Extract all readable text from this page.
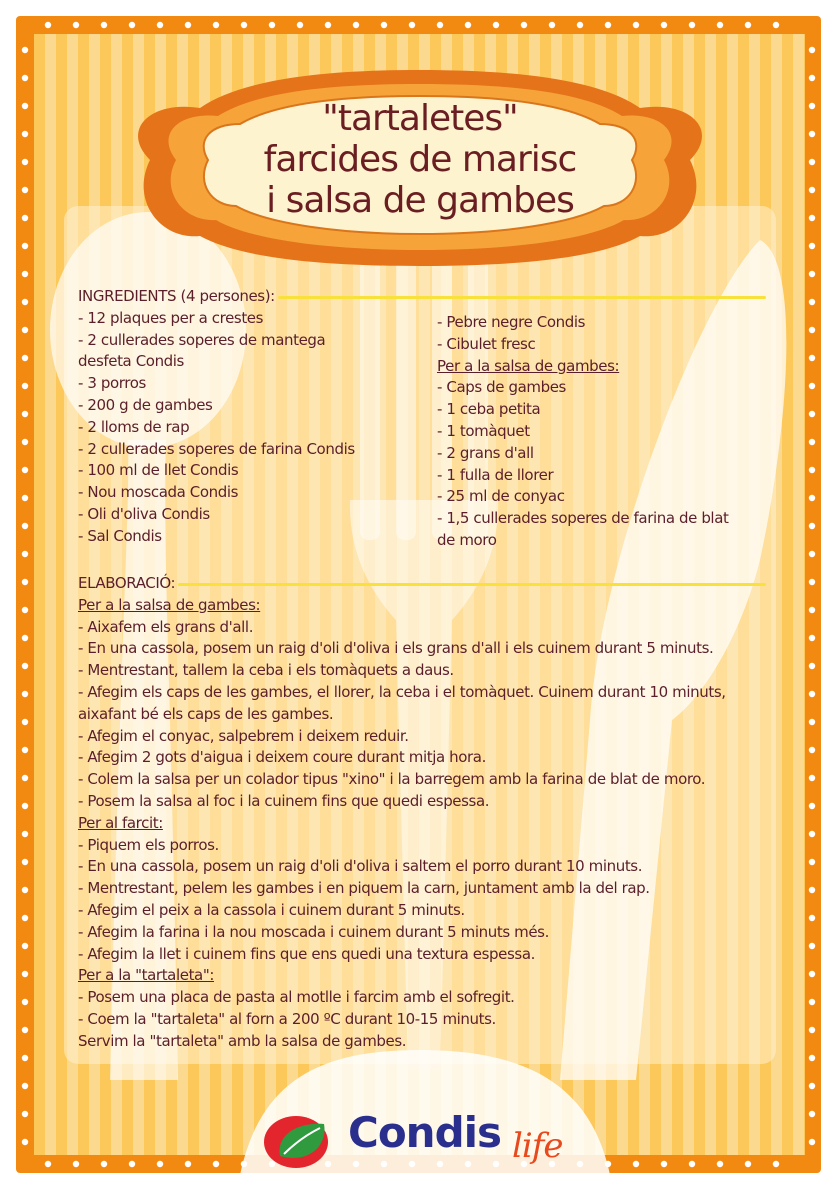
"tartaletes"
farcides de marisc
i salsa de gambes
INGREDIENTS (4 persones):
- 12 plaques per a crestes
- 2 cullerades soperes de mantega
desfeta Condis
- 3 porros
- 200 g de gambes
- 2 lloms de rap
- 2 cullerades soperes de farina Condis
- 100 ml de llet Condis
- Nou moscada Condis
- Oli d'oliva Condis
- Sal Condis
- Pebre negre Condis
- Cibulet fresc
Per a la salsa de gambes:
- Caps de gambes
- 1 ceba petita
- 1 tomàquet
- 2 grans d'all
- 1 fulla de llorer
- 25 ml de conyac
- 1,5 cullerades soperes de farina de blat
de moro
ELABORACIÓ:
Per a la salsa de gambes:
- Aixafem els grans d'all.
- En una cassola, posem un raig d'oli d'oliva i els grans d'all i els cuinem durant 5 minuts.
- Mentrestant, tallem la ceba i els tomàquets a daus.
- Afegim els caps de les gambes, el llorer, la ceba i el tomàquet. Cuinem durant 10 minuts,
aixafant bé els caps de les gambes.
- Afegim el conyac, salpebrem i deixem reduir.
- Afegim 2 gots d'aigua i deixem coure durant mitja hora.
- Colem la salsa per un colador tipus "xino" i la barregem amb la farina de blat de moro.
- Posem la salsa al foc i la cuinem fins que quedi espessa.
Per al farcit:
- Piquem els porros.
- En una cassola, posem un raig d'oli d'oliva i saltem el porro durant 10 minuts.
- Mentrestant, pelem les gambes i en piquem la carn, juntament amb la del rap.
- Afegim el peix a la cassola i cuinem durant 5 minuts.
- Afegim la farina i la nou moscada i cuinem durant 5 minuts més.
- Afegim la llet i cuinem fins que ens quedi una textura espessa.
Per a la "tartaleta":
- Posem una placa de pasta al motlle i farcim amb el sofregit.
- Coem la "tartaleta" al forn a 200 ºC durant 10-15 minuts.
Servim la "tartaleta" amb la salsa de gambes.
Condis life
